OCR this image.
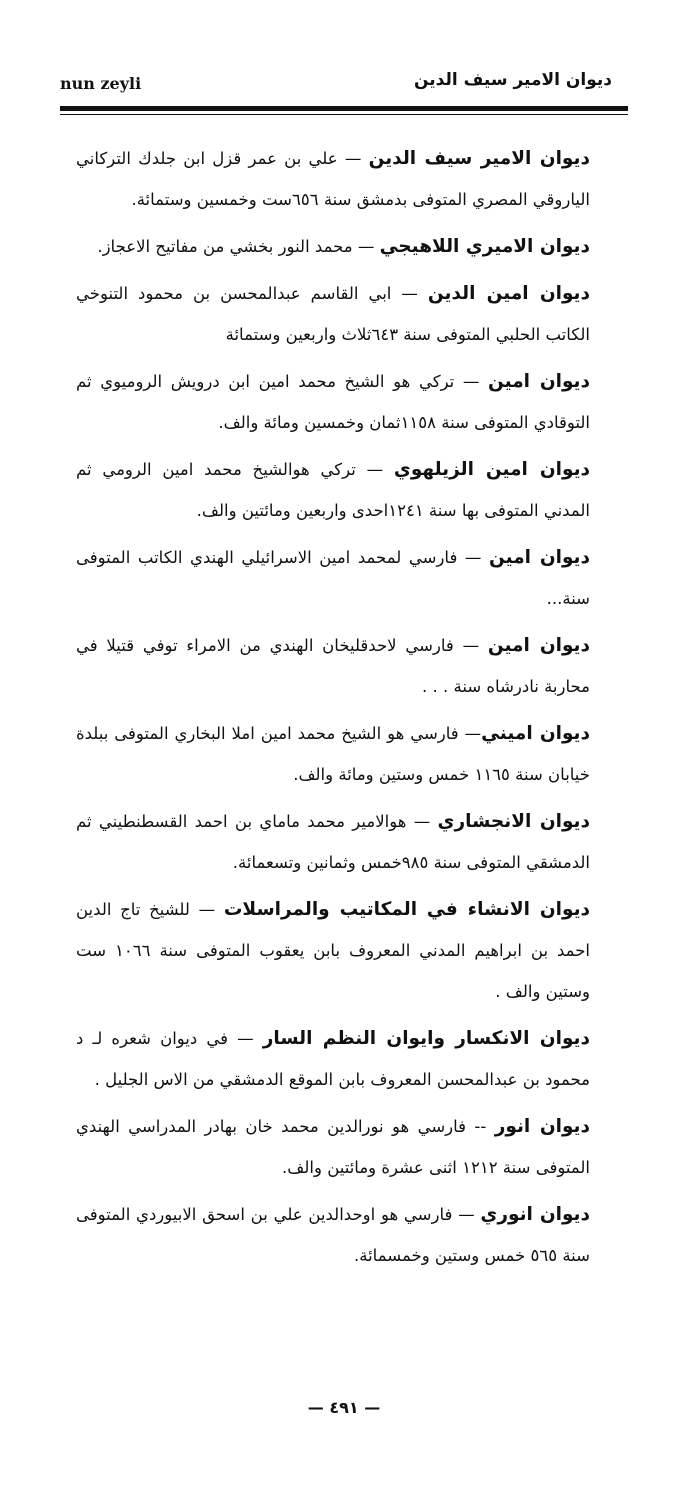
nun zeyli	ديوان الامير سيف الدين

ديوان الامير سيف الدين — علي بن عمر قزل ابن جلدك التركاني الياروقي المصري المتوفى بدمشق سنة ٦٥٦ست وخمسين وستمائة.

ديوان الاميري اللاهيجي — محمد النور بخشي من مفاتيح الاعجاز.

ديوان امين الدين — ابي القاسم عبدالمحسن بن محمود التنوخي الكاتب الحلبي المتوفى سنة ٦٤٣ثلاث واربعين وستمائة

ديوان امين — تركي هو الشيخ محمد امين ابن درويش الروميوي ثم التوقادي المتوفى سنة ١١٥٨ثمان وخمسين ومائة والف.

ديوان امين الزيلهوي — تركي هوالشيخ محمد امين الرومي ثم المدني المتوفى بها سنة ١٢٤١احدى واربعين ومائتين والف.

ديوان امين — فارسي لمحمد امين الاسرائيلي الهندي الكاتب المتوفى سنة...

ديوان امين — فارسي لاحدقليخان الهندي من الامراء توفي قتيلا في محاربة نادرشاه سنة . . .

ديوان اميني— فارسي هو الشيخ محمد امين املا البخاري المتوفى ببلدة خيابان سنة ١١٦٥ خمس وستين ومائة والف.

ديوان الانجشاري — هوالامير محمد ماماي بن احمد القسطنطيني ثم الدمشقي المتوفى سنة ٩٨٥خمس وثمانين وتسعمائة.

ديوان الانشاء في المكاتيب والمراسلات — للشيخ تاج الدين احمد بن ابراهيم المدني المعروف بابن يعقوب المتوفى سنة ١٠٦٦ ست وستين والف .

ديوان الانكسار وايوان النظم السار — في ديوان شعره لـ د محمود بن عبدالمحسن المعروف بابن الموقع الدمشقي من الاس الجليل .

ديوان انور -- فارسي هو نورالدين محمد خان بهادر المدراسي الهندي المتوفى سنة ١٢١٢ اثنى عشرة ومائتين والف.

ديوان انوري — فارسي هو اوحدالدين علي بن اسحق الابيوردي المتوفى سنة ٥٦٥ خمس وستين وخمسمائة.

— ٤٩١ —
